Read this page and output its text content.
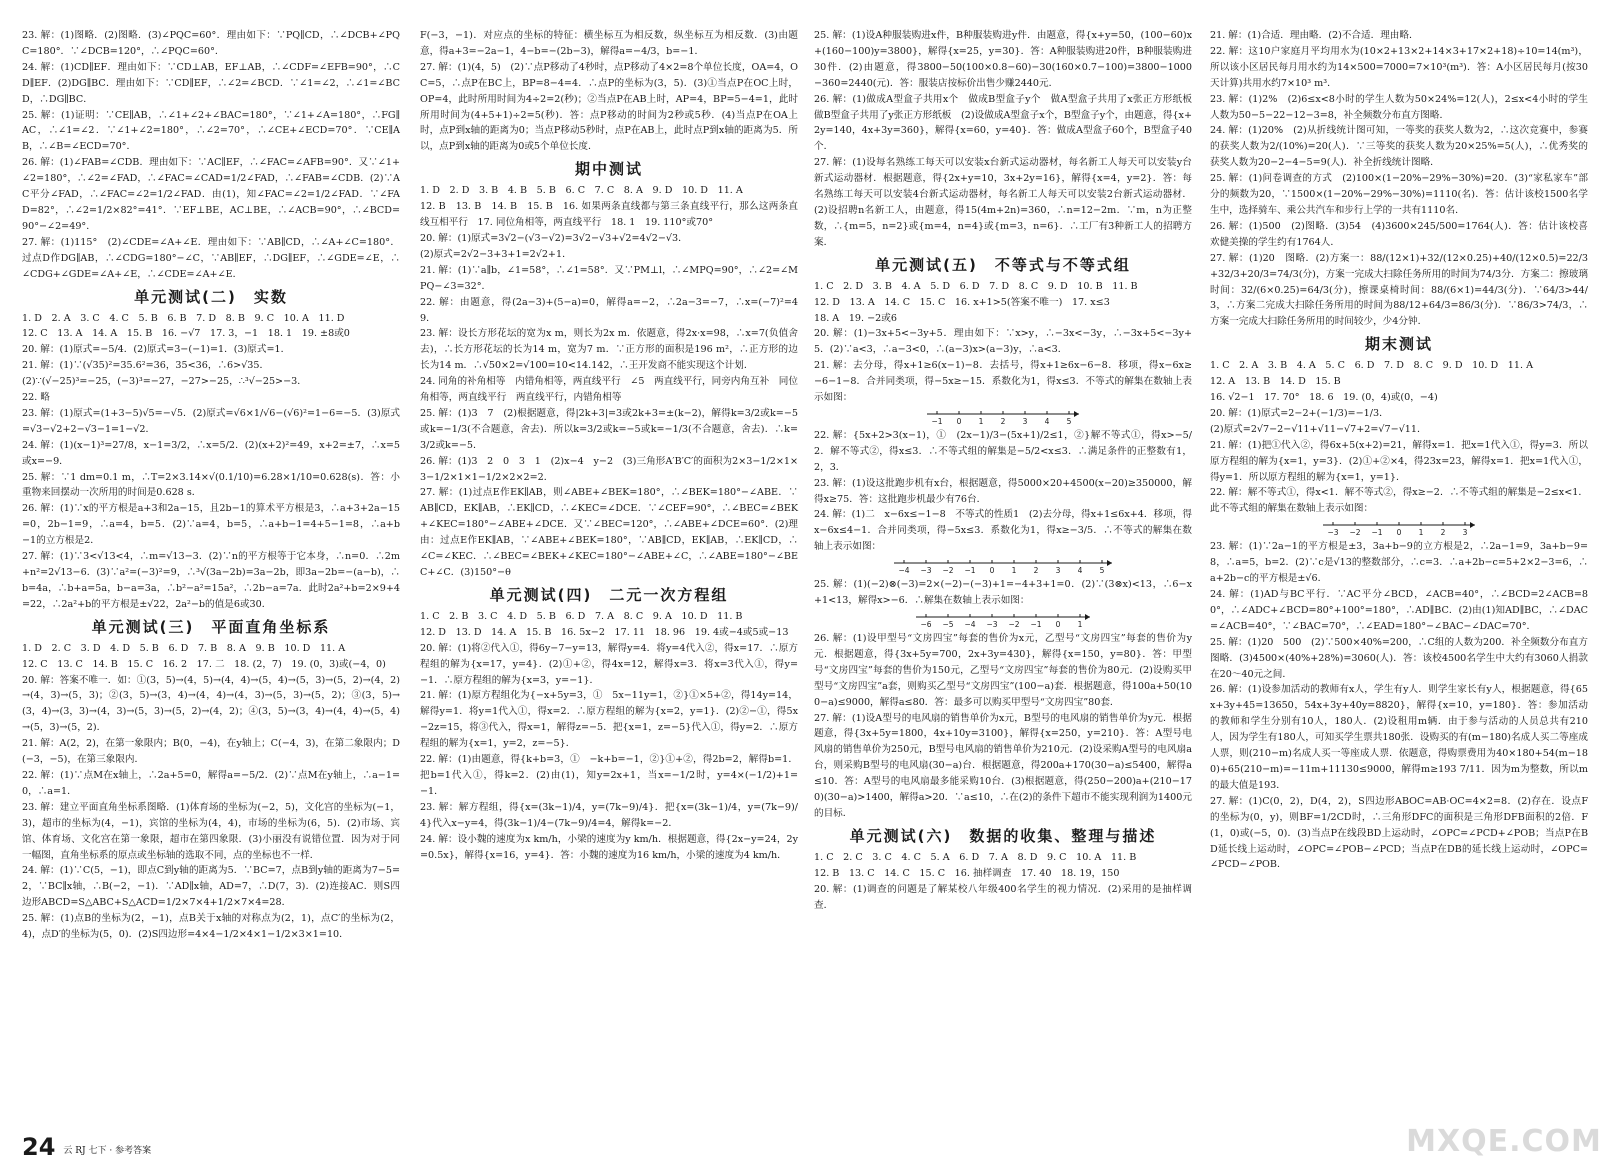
23. 解：(1)图略．(2)图略．(3)∠PQC=60°．理由如下：∵PQ∥CD，∴∠DCB+∠PQC=180°．∵∠DCB=120°，∴∠PQC=60°．

24. 解：(1)CD∥EF．理由如下：∵CD⊥AB，EF⊥AB，∴∠CDF=∠EFB=90°，∴CD∥EF．(2)DG∥BC．理由如下：∵CD∥EF，∴∠2=∠BCD．∵∠1=∠2，∴∠1=∠BCD，∴DG∥BC．

25. 解：(1)证明：∵CE∥AB，∴∠1+∠2+∠BAC=180°，∵∠1+∠A=180°，∴FG∥AC，∴∠1=∠2．∵∠1+∠2=180°，∴∠2=70°，∴∠CE+∠ECD=70°．∵CE∥AB，∴∠B=∠ECD=70°．

26. 解：(1)∠FAB=∠CDB．理由如下：∵AC∥EF，∴∠FAC=∠AFB=90°．又∵∠1+∠2=180°，∴∠2=∠FAD，∴∠FAC=∠CAD=1/2∠FAD，∴∠FAB=∠CDB．(2)∵AC平分∠FAD，∴∠FAC=∠2=1/2∠FAD．由(1)，知∠FAC=∠2=1/2∠FAD．∵∠FAD=82°，∴∠2=1/2×82°=41°．∵EF⊥BE，AC⊥BE，∴∠ACB=90°，∴∠BCD=90°−∠2=49°．

27. 解：(1)115°　(2)∠CDE=∠A+∠E．理由如下：∵AB∥CD，∴∠A+∠C=180°．过点D作DG∥AB，∴∠CDG=180°−∠C，∵AB∥EF，∴DG∥EF，∴∠GDE=∠E，∴∠CDG+∠GDE=∠A+∠E，∴∠CDE=∠A+∠E．

单元测试(二)　实数

1. D　2. A　3. C　4. C　5. B　6. B　7. D　8. B　9. C　10. A　11. D

12. C　13. A　14. A　15. B　16. −√7　17. 3，−1　18. 1　19. ±8或0

20. 解：(1)原式=−5/4．(2)原式=3−(−1)=1．(3)原式=1．

21. 解：(1)∵(√35)²=35.6²=36，35<36，∴6>√35．

(2)∵(√−25)³=−25，(−3)³=−27，−27>−25，∴³√−25>−3．

22. 略

23. 解：(1)原式=(1+3−5)√5=−√5．(2)原式=√6×1/√6−(√6)²=1−6=−5．(3)原式=√3−√2+2−√3−1=1−√2．

24. 解：(1)(x−1)³=27/8，x−1=3/2，∴x=5/2．(2)(x+2)²=49，x+2=±7，∴x=5或x=−9．

25. 解：∵1 dm=0.1 m，∴T=2×3.14×√(0.1/10)=6.28×1/10=0.628(s)．答：小重物来回摆动一次所用的时间是0.628 s．

26. 解：(1)∵x的平方根是a+3和2a−15，且2b−1的算术平方根是3，∴a+3+2a−15=0，2b−1=9，∴a=4，b=5．(2)∵a=4，b=5，∴a+b−1=4+5−1=8，∴a+b−1的立方根是2．

27. 解：(1)∵3<√13<4，∴m=√13−3．(2)∵n的平方根等于它本身，∴n=0．∴2m+n²=2√13−6．(3)∵a²=(−3)²=9，∴³√(3a−2b)=3a−2b，即3a−2b=−(a−b)，∴b=4a，∴b+a=5a，b−a=3a，∴b²−a²=15a²，∴2b−a=7a．此时2a²+b=2×9+4=22，∴2a²+b的平方根是±√22，2a²−b的值是6或30．

单元测试(三)　平面直角坐标系

1. D　2. C　3. D　4. D　5. B　6. D　7. B　8. A　9. B　10. D　11. A

12. C　13. C　14. B　15. C　16. 2　17. 二　18. (2，7)　19. (0，3)或(−4，0)

20. 解：答案不唯一．如：①(3，5)→(4，5)→(4，4)→(5，4)→(5，3)→(5，2)→(4，2)→(4，3)→(5，3)；②(3，5)→(3，4)→(4，4)→(4，3)→(5，3)→(5，2)；③(3，5)→(3，4)→(3，3)→(4，3)→(5，3)→(5，2)→(4，2)；④(3，5)→(3，4)→(4，4)→(5，4)→(5，3)→(5，2)．

21. 解：A(2，2)，在第一象限内；B(0，−4)，在y轴上；C(−4，3)，在第二象限内；D(−3，−5)，在第三象限内．

22. 解：(1)∵点M在x轴上，∴2a+5=0，解得a=−5/2．(2)∵点M在y轴上，∴a−1=0，∴a=1．

23. 解：建立平面直角坐标系图略．(1)体育场的坐标为(−2，5)，文化宫的坐标为(−1，3)，超市的坐标为(4，−1)，宾馆的坐标为(4，4)，市场的坐标为(6，5)．(2)市场、宾馆、体育场、文化宫在第一象限，超市在第四象限．(3)小丽没有说错位置．因为对于同一幅图，直角坐标系的原点或坐标轴的选取不同，点的坐标也不一样．

24. 解：(1)∵C(5，−1)，即点C到y轴的距离为5．∵BC=7，点B到y轴的距离为7−5=2，∵BC∥x轴，∴B(−2，−1)．∵AD∥x轴，AD=7，∴D(7，3)．(2)连接AC．则S四边形ABCD=S△ABC+S△ACD=1/2×7×4+1/2×7×4=28．

25. 解：(1)点B的坐标为(2，−1)，点B关于x轴的对称点为(2，1)，点C′的坐标为(2，4)，点D′的坐标为(5，0)．(2)S四边形=4×4−1/2×4×1−1/2×3×1=10．

F(−3，−1)．对应点的坐标的特征：横坐标互为相反数，纵坐标互为相反数．(3)由题意，得a+3=−2a−1，4−b=−(2b−3)，解得a=−4/3，b=−1．

27. 解：(1)(4，5)　(2)∵点P移动了4秒时，点P移动了4×2=8个单位长度，OA=4，OC=5，∴点P在BC上，BP=8−4=4．∴点P的坐标为(3，5)．(3)①当点P在OC上时，OP=4，此时所用时间为4÷2=2(秒)；②当点P在AB上时，AP=4，BP=5−4=1，此时所用时间为(4+5+1)÷2=5(秒)．答：点P移动的时间为2秒或5秒．(4)当点P在OA上时，点P到x轴的距离为0；当点P移动5秒时，点P在AB上，此时点P到x轴的距离为5．所以，点P到x轴的距离为0或5个单位长度．

期中测试

1. D　2. D　3. B　4. B　5. B　6. C　7. C　8. A　9. D　10. D　11. A

12. B　13. B　14. B　15. B　16. 如果两条直线都与第三条直线平行，那么这两条直线互相平行　17. 同位角相等，两直线平行　18. 1　19. 110°或70°

20. 解：(1)原式=3√2−(√3−√2)=3√2−√3+√2=4√2−√3．

(2)原式=2√2−3+3+1=2√2+1．

21. 解：(1)∵a∥b，∠1=58°，∴∠1=58°．又∵PM⊥l，∴∠MPQ=90°，∴∠2=∠MPQ−∠3=32°．

22. 解：由题意，得(2a−3)+(5−a)=0，解得a=−2，∴2a−3=−7，∴x=(−7)²=49．

23. 解：设长方形花坛的宽为x m，则长为2x m．依题意，得2x·x=98，∴x=7(负值舍去)，∴长方形花坛的长为14 m，宽为7 m．∵正方形的面积是196 m²，∴正方形的边长为14 m．∴√50×2=√100=10<14.142，∴王开发商不能实现这个计划．

24. 同角的补角相等　内错角相等，两直线平行　∠5　两直线平行，同旁内角互补　同位角相等，两直线平行　两直线平行，内错角相等

25. 解：(1)3　7　(2)根据题意，得|2k+3|=3或2k+3=±(k−2)，解得k=3/2或k=−5或k=−1/3(不合题意，舍去)．所以k=3/2或k=−5或k=−1/3(不合题意，舍去)．∴k=3/2或k=−5．

26. 解：(1)3　2　0　3　1　(2)x−4　y−2　(3)三角形A′B′C′的面积为2×3−1/2×1×3−1/2×1×1−1/2×2×2=2．

27. 解：(1)过点E作EK∥AB，则∠ABE+∠BEK=180°，∴∠BEK=180°−∠ABE．∵AB∥CD，EK∥AB，∴EK∥CD，∴∠KEC=∠DCE．∵∠CEF=90°，∴∠BEC=∠BEK+∠KEC=180°−∠ABE+∠DCE．又∵∠BEC=120°，∴∠ABE+∠DCE=60°．(2)理由：过点E作EK∥AB，∵∠ABE+∠BEK=180°，∵AB∥CD，EK∥AB，∴EK∥CD，∴∠C=∠KEC．∴∠BEC=∠BEK+∠KEC=180°−∠ABE+∠C，∴∠ABE=180°−∠BEC+∠C．(3)150°−θ

单元测试(四)　二元一次方程组

1. C　2. B　3. C　4. D　5. B　6. D　7. A　8. C　9. A　10. D　11. B

12. D　13. D　14. A　15. B　16. 5x−2　17. 11　18. 96　19. 4或−4或5或−13

20. 解：(1)将②代入①，得6y−7−y=13，解得y=4．将y=4代入②，得x=17．∴原方程组的解为{x=17，y=4}．(2)①+②，得4x=12，解得x=3．将x=3代入①，得y=−1．∴原方程组的解为{x=3，y=−1}．

21. 解：(1)原方程组化为{−x+5y=3，①　5x−11y=1，②}①×5+②，得14y=14，解得y=1．将y=1代入①，得x=2．∴原方程组的解为{x=2，y=1}．(2)②−①，得5x−2z=15，将③代入，得x=1，解得z=−5．把{x=1，z=−5}代入①，得y=2．∴原方程组的解为{x=1，y=2，z=−5}．

22. 解：(1)由题意，得{k+b=3，①　−k+b=−1，②}①+②，得2b=2，解得b=1．把b=1代入①，得k=2．(2)由(1)，知y=2x+1，当x=−1/2时，y=4×(−1/2)+1=−1．

23. 解：解方程组，得{x=(3k−1)/4，y=(7k−9)/4}．把{x=(3k−1)/4，y=(7k−9)/4}代入x−y=4，得(3k−1)/4−(7k−9)/4=4，解得k=−2．

24. 解：设小魏的速度为x km/h，小梁的速度为y km/h．根据题意，得{2x−y=24，2y=0.5x}，解得{x=16，y=4}．答：小魏的速度为16 km/h，小梁的速度为4 km/h．

25. 解：(1)设A种服装购进x件，B种服装购进y件．由题意，得{x+y=50，(100−60)x+(160−100)y=3800}，解得{x=25，y=30}．答：A种服装购进20件，B种服装购进30件．(2)由题意，得3800−50(100×0.8−60)−30(160×0.7−100)=3800−1000−360=2440(元)．答：服装店按标价出售少赚2440元．

26. 解：(1)做成A型盒子共用x个　做成B型盒子y个　做A型盒子共用了x张正方形纸板　做B型盒子共用了y张正方形纸板　(2)设做成A型盒子x个，B型盒子y个，由题意，得{x+2y=140，4x+3y=360}，解得{x=60，y=40}．答：做成A型盒子60个，B型盒子40个．

27. 解：(1)设每名熟练工每天可以安装x台新式运动器材，每名新工人每天可以安装y台新式运动器材．根据题意，得{2x+y=10，3x+2y=16}，解得{x=4，y=2}．答：每名熟练工每天可以安装4台新式运动器材，每名新工人每天可以安装2台新式运动器材．(2)设招聘n名新工人，由题意，得15(4m+2n)=360，∴n=12−2m．∵m，n为正整数，∴{m=5，n=2}或{m=4，n=4}或{m=3，n=6}．∴工厂有3种新工人的招聘方案．

单元测试(五)　不等式与不等式组

1. C　2. D　3. B　4. A　5. D　6. D　7. D　8. C　9. D　10. B　11. B

12. D　13. A　14. C　15. C　16. x+1>5(答案不唯一)　17. x≤3

18. A　19. −2或6

20. 解：(1)−3x+5<−3y+5．理由如下：∵x>y，∴−3x<−3y，∴−3x+5<−3y+5．(2)∵a<3，∴a−3<0，∴(a−3)x>(a−3)y，∴a<3．

21. 解：去分母，得x+1≥6(x−1)−8．去括号，得x+1≥6x−6−8．移项，得x−6x≥−6−1−8．合并同类项，得−5x≥−15．系数化为1，得x≤3．不等式的解集在数轴上表示如图：

−1 0 1 2 3 4 5

22. 解：{5x+2>3(x−1)，①　(2x−1)/3−(5x+1)/2≤1，②}解不等式①，得x>−5/2．解不等式②，得x≤3．∴不等式组的解集是−5/2<x≤3．∴满足条件的正整数有1，2，3．

23. 解：(1)设这批跑步机有x台，根据题意，得5000×20+4500(x−20)≥350000，解得x≥75．答：这批跑步机最少有76台．

24. 解：(1)二　x−6x≤−1−8　不等式的性质1　(2)去分母，得x+1≤6x+4．移项，得x−6x≤4−1．合并同类项，得−5x≤3．系数化为1，得x≥−3/5．∴不等式的解集在数轴上表示如图：

−4 −3 −2 −1 0 1 2 3 4 5

25. 解：(1)(−2)⊗(−3)=2×(−2)−(−3)+1=−4+3+1=0．(2)∵(3⊗x)<13，∴6−x+1<13，解得x>−6．∴解集在数轴上表示如图：

−6 −5 −4 −3 −2 −1 0 1

26. 解：(1)设甲型号“文房四宝”每套的售价为x元，乙型号“文房四宝”每套的售价为y元．根据题意，得{3x+5y=700，2x+3y=430}，解得{x=150，y=80}．答：甲型号“文房四宝”每套的售价为150元，乙型号“文房四宝”每套的售价为80元．(2)设购买甲型号“文房四宝”a套，则购买乙型号“文房四宝”(100−a)套．根据题意，得100a+50(100−a)≤9000，解得a≤80．答：最多可以购买甲型号“文房四宝”80套．

27. 解：(1)设A型号的电风扇的销售单价为x元，B型号的电风扇的销售单价为y元．根据题意，得{3x+5y=1800，4x+10y=3100}，解得{x=250，y=210}．答：A型号电风扇的销售单价为250元，B型号电风扇的销售单价为210元．(2)设采购A型号的电风扇a台，则采购B型号的电风扇(30−a)台．根据题意，得200a+170(30−a)≤5400，解得a≤10．答：A型号的电风扇最多能采购10台．(3)根据题意，得(250−200)a+(210−170)(30−a)>1400，解得a>20．∵a≤10，∴在(2)的条件下超市不能实现利润为1400元的目标．

单元测试(六)　数据的收集、整理与描述

1. C　2. C　3. C　4. C　5. A　6. D　7. A　8. D　9. C　10. A　11. B

12. B　13. C　14. C　15. C　16. 抽样调查　17. 40　18. 19，150

20. 解：(1)调查的问题是了解某校八年级400名学生的视力情况．(2)采用的是抽样调查．

21. 解：(1)合适．理由略．(2)不合适．理由略．

22. 解：这10户家庭月平均用水为(10×2+13×2+14×3+17×2+18)÷10=14(m³)，所以该小区居民每月用水约为14×500=7000=7×10³(m³)．答：A小区居民每月(按30天计算)共用水约7×10³ m³．

23. 解：(1)2%　(2)6≤x<8小时的学生人数为50×24%=12(人)，2≤x<4小时的学生人数为50−5−22−12−3=8，补全频数分布直方图略．

24. 解：(1)20%　(2)从折线统计图可知，一等奖的获奖人数为2，∴这次竞赛中，参赛的获奖人数为2/(10%)=20(人)．∵三等奖的获奖人数为20×25%=5(人)，∴优秀奖的获奖人数为20−2−4−5=9(人)．补全折线统计图略．

25. 解：(1)问卷调查的方式　(2)100×(1−20%−29%−30%)=20．(3)“家私家车”部分的频数为20，∵1500×(1−20%−29%−30%)=1110(名)．答：估计该校1500名学生中，选择骑车、乘公共汽车和步行上学的一共有1110名．

26. 解：(1)500　(2)图略．(3)54　(4)3600×245/500=1764(人)．答：估计该校喜欢健美操的学生约有1764人．

27. 解：(1)20　图略．(2)方案一：88/(12×1)+32/(12×0.25)+40/(12×0.5)=22/3+32/3+20/3=74/3(分)，方案一完成大扫除任务所用的时间为74/3分．方案二：擦玻璃时间：32/(6×0.25)=64/3(分)，擦课桌椅时间：88/(6×1)=44/3(分)．∵64/3>44/3，∴方案二完成大扫除任务所用的时间为88/12+64/3=86/3(分)．∵86/3>74/3，∴方案一完成大扫除任务所用的时间较少，少4分钟．

期末测试

1. C　2. A　3. B　4. A　5. C　6. D　7. D　8. C　9. D　10. D　11. A

12. A　13. B　14. D　15. B

16. √2−1　17. 70°　18. 6　19. (0，4)或(0，−4)

20. 解：(1)原式=2−2+(−1/3)=−1/3．

(2)原式=2√7−2−√11+√11−√7+2=√7−√11．

21. 解：(1)把①代入②，得6x+5(x+2)=21，解得x=1．把x=1代入①，得y=3．所以原方程组的解为{x=1，y=3}．(2)①+②×4，得23x=23，解得x=1．把x=1代入①，得y=1．所以原方程组的解为{x=1，y=1}．

22. 解：解不等式①，得x<1．解不等式②，得x≥−2．∴不等式组的解集是−2≤x<1．此不等式组的解集在数轴上表示如图：

−3 −2 −1 0 1 2 3

23. 解：(1)∵2a−1的平方根是±3，3a+b−9的立方根是2，∴2a−1=9，3a+b−9=8，∴a=5，b=2．(2)∵c是√13的整数部分，∴c=3．∴a+2b−c=5+2×2−3=6，∴a+2b−c的平方根是±√6．

24. 解：(1)AD与BC平行．∵AC平分∠BCD，∠ACB=40°，∴∠BCD=2∠ACB=80°，∴∠ADC+∠BCD=80°+100°=180°，∴AD∥BC．(2)由(1)知AD∥BC，∴∠DAC=∠ACB=40°，∵∠BAC=70°，∴∠EAD=180°−∠BAC−∠DAC=70°．

25. 解：(1)20　500　(2)∵500×40%=200，∴C组的人数为200．补全频数分布直方图略．(3)4500×(40%+28%)=3060(人)．答：该校4500名学生中大约有3060人捐款在20～40元之间．

26. 解：(1)设参加活动的教师有x人，学生有y人．则学生家长有y人，根据题意，得{65x+3y+45=13650，54x+3y+40y=8820}，解得{x=10，y=180}．答：参加活动的教师和学生分别有10人，180人．(2)设租用m辆．由于参与活动的人员总共有210人，因为学生有180人，可知买学生票共180张．设购买的有(m−180)名成人买二等座成人票，则(210−m)名成人买一等座成人票．依题意，得购票费用为40×180+54(m−180)+65(210−m)=−11m+11130≤9000，解得m≥193 7/11．因为m为整数，所以m的最大值是193．

27. 解：(1)C(0，2)，D(4，2)，S四边形ABOC=AB·OC=4×2=8．(2)存在．设点F的坐标为(0，y)，则BF=1/2CD时，∴三角形DFC的面积是三角形DFB面积的2倍．F(1，0)或(−5，0)．(3)当点P在线段BD上运动时，∠OPC=∠PCD+∠POB；当点P在BD延长线上运动时，∠OPC=∠POB−∠PCD；当点P在DB的延长线上运动时，∠OPC=∠PCD−∠POB．

24 云 RJ 七下 · 参考答案	MXQE.COM
